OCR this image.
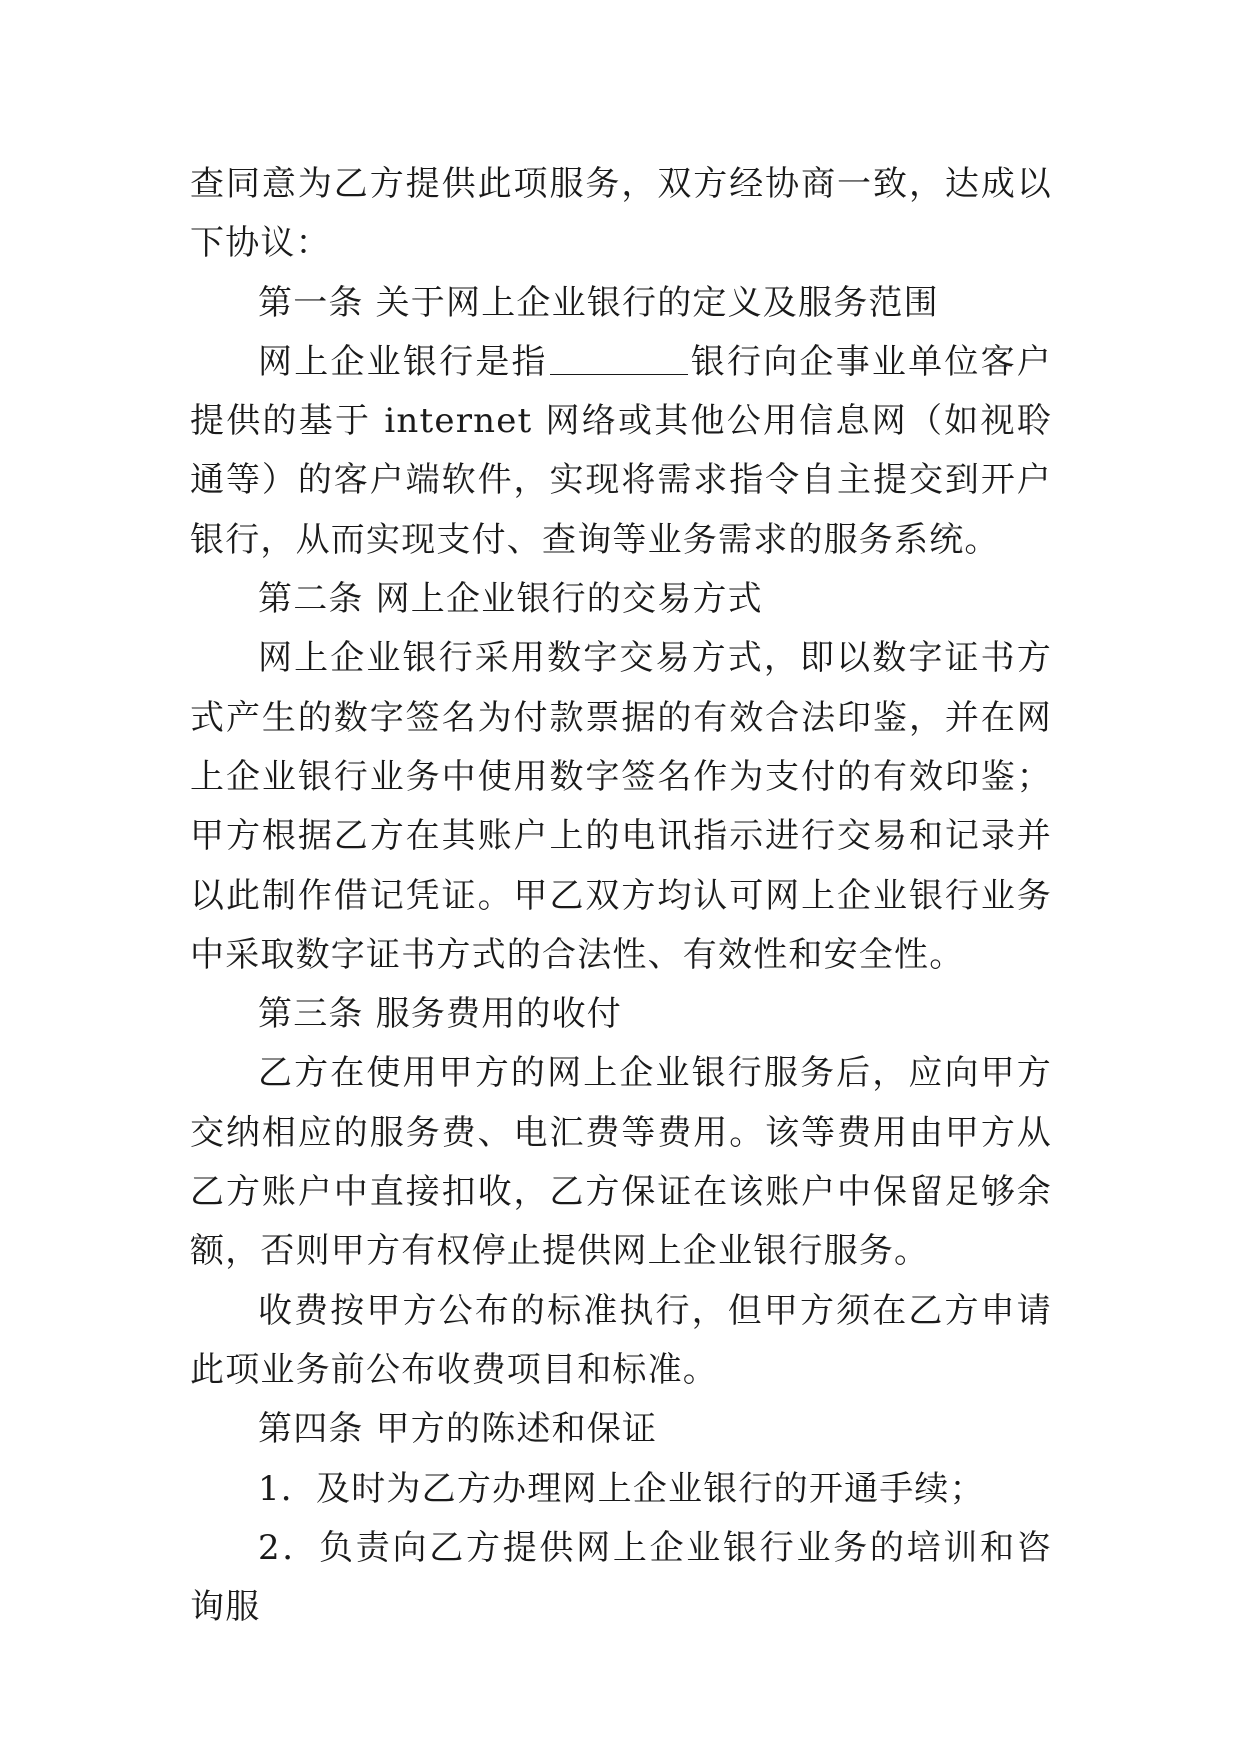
查同意为乙方提供此项服务，双方经协商一致，达成以下协议：

第一条 关于网上企业银行的定义及服务范围

网上企业银行是指	银行向企事业单位客户提供的基于 internet 网络或其他公用信息网（如视聆通等）的客户端软件，实现将需求指令自主提交到开户银行，从而实现支付、查询等业务需求的服务系统。

第二条 网上企业银行的交易方式

网上企业银行采用数字交易方式，即以数字证书方式产生的数字签名为付款票据的有效合法印鉴，并在网上企业银行业务中使用数字签名作为支付的有效印鉴；甲方根据乙方在其账户上的电讯指示进行交易和记录并以此制作借记凭证。甲乙双方均认可网上企业银行业务中采取数字证书方式的合法性、有效性和安全性。

第三条 服务费用的收付

乙方在使用甲方的网上企业银行服务后，应向甲方交纳相应的服务费、电汇费等费用。该等费用由甲方从乙方账户中直接扣收，乙方保证在该账户中保留足够余额，否则甲方有权停止提供网上企业银行服务。

收费按甲方公布的标准执行，但甲方须在乙方申请此项业务前公布收费项目和标准。

第四条 甲方的陈述和保证

1．及时为乙方办理网上企业银行的开通手续；

2．负责向乙方提供网上企业银行业务的培训和咨询服
